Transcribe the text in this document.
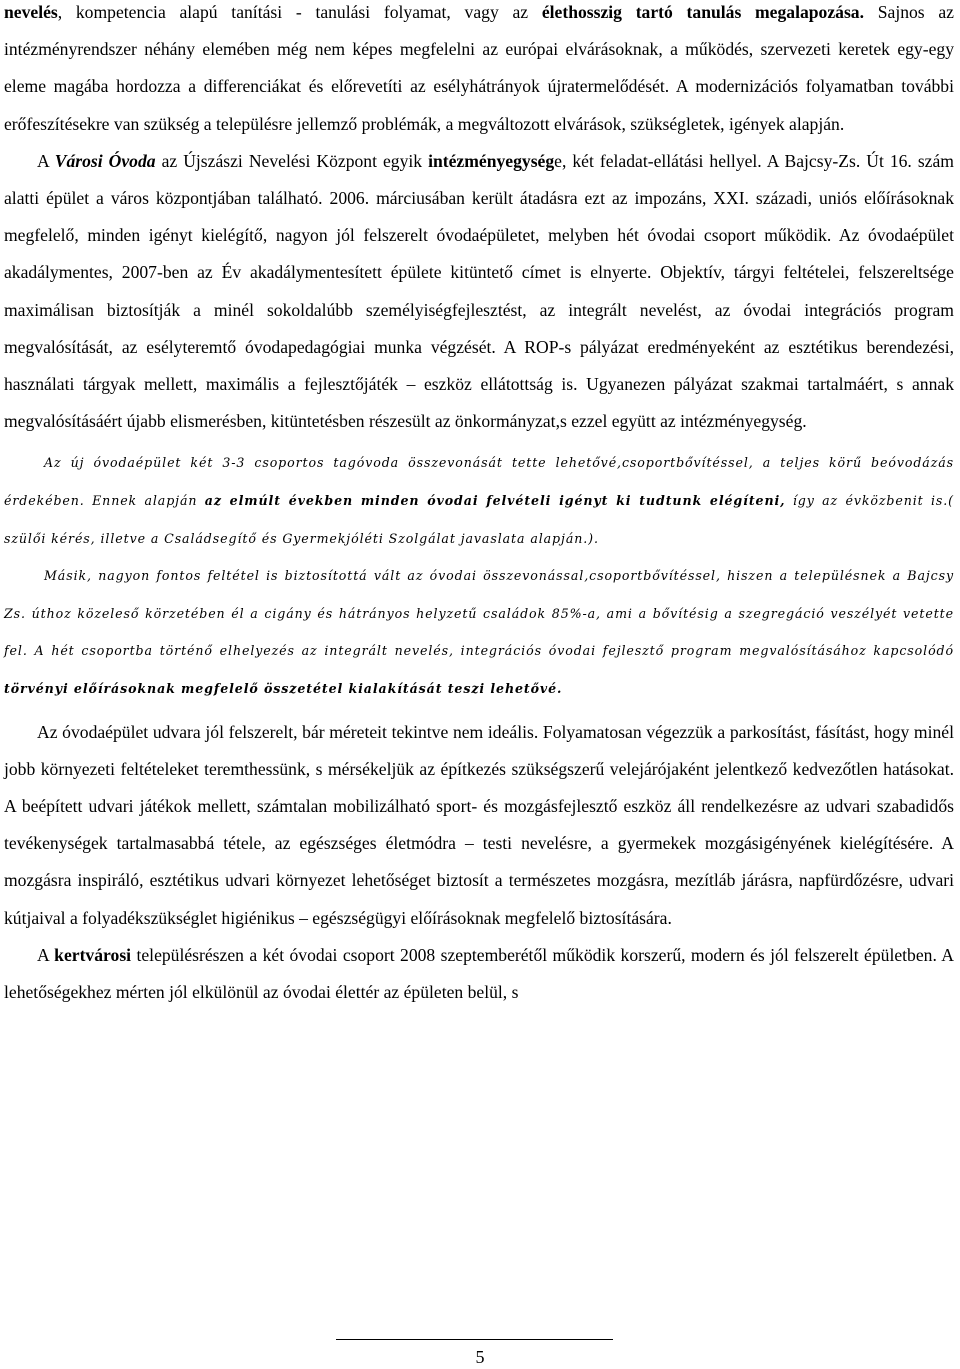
nevelés, kompetencia alapú tanítási - tanulási folyamat, vagy az élethosszig tartó tanulás megalapozása. Sajnos az intézményrendszer néhány elemében még nem képes megfelelni az európai elvárásoknak, a működés, szervezeti keretek egy-egy eleme magába hordozza a differenciákat és előrevetíti az esélyhátrányok újratermelődését. A modernizációs folyamatban további erőfeszítésekre van szükség a településre jellemző problémák, a megváltozott elvárások, szükségletek, igények alapján.

A Városi Óvoda az Újszászi Nevelési Központ egyik intézményegysége, két feladat-ellátási hellyel. A Bajcsy-Zs. Út 16. szám alatti épület a város központjában található. 2006. márciusában került átadásra ezt az impozáns, XXI. századi, uniós előírásoknak megfelelő, minden igényt kielégítő, nagyon jól felszerelt óvodaépületet, melyben hét óvodai csoport működik. Az óvodaépület akadálymentes, 2007-ben az Év akadálymentesített épülete kitüntető címet is elnyerte. Objektív, tárgyi feltételei, felszereltsége maximálisan biztosítják a minél sokoldalúbb személyiségfejlesztést, az integrált nevelést, az óvodai integrációs program megvalósítását, az esélyteremtő óvodapedagógiai munka végzését. A ROP-s pályázat eredményeként az esztétikus berendezési, használati tárgyak mellett, maximális a fejlesztőjáték – eszköz ellátottság is. Ugyanezen pályázat szakmai tartalmáért, s annak megvalósításáért újabb elismerésben, kitüntetésben részesült az önkormányzat,s ezzel együtt az intézményegység.

Az új óvodaépület két 3-3 csoportos tagóvoda összevonását tette lehetővé,csoportbővítéssel, a teljes körű beóvodázás érdekében. Ennek alapján az elmúlt években minden óvodai felvételi igényt ki tudtunk elégíteni, így az évközbenit is.( szülői kérés, illetve a Családsegítő és Gyermekjóléti Szolgálat javaslata alapján.).

Másik, nagyon fontos feltétel is biztosítottá vált az óvodai összevonással,csoportbővítéssel, hiszen a településnek a Bajcsy Zs. úthoz közeleső körzetében él a cigány és hátrányos helyzetű családok 85%-a, ami a bővítésig a szegregáció veszélyét vetette fel. A hét csoportba történő elhelyezés az integrált nevelés, integrációs óvodai fejlesztő program megvalósításához kapcsolódó törvényi előírásoknak megfelelő összetétel kialakítását teszi lehetővé.

Az óvodaépület udvara jól felszerelt, bár méreteit tekintve nem ideális. Folyamatosan végezzük a parkosítást, fásítást, hogy minél jobb környezeti feltételeket teremthessünk, s mérsékeljük az építkezés szükségszerű velejárójaként jelentkező kedvezőtlen hatásokat. A beépített udvari játékok mellett, számtalan mobilizálható sport- és mozgásfejlesztő eszköz áll rendelkezésre az udvari szabadidős tevékenységek tartalmasabbá tétele, az egészséges életmódra – testi nevelésre, a gyermekek mozgásigényének kielégítésére. A mozgásra inspiráló, esztétikus udvari környezet lehetőséget biztosít a természetes mozgásra, mezítláb járásra, napfürdőzésre, udvari kútjaival a folyadékszükséglet higiénikus – egészségügyi előírásoknak megfelelő biztosítására.

A kertvárosi településrészen a két óvodai csoport 2008 szeptemberétől működik korszerű, modern és jól felszerelt épületben. A lehetőségekhez mérten jól elkülönül az óvodai élettér az épületen belül, s

5
